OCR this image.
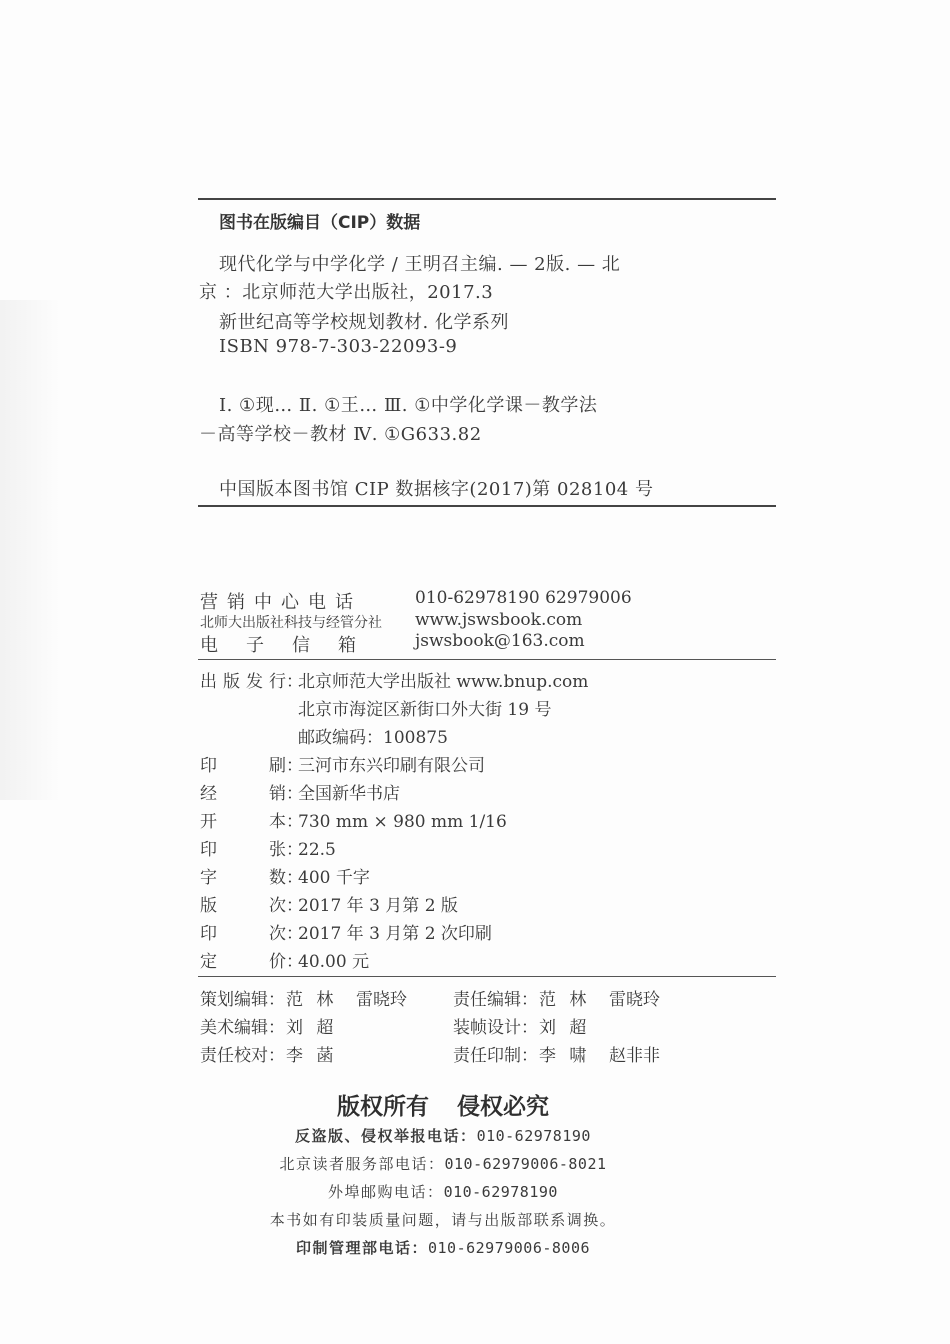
图书在版编目（CIP）数据
现代化学与中学化学 / 王明召主编. — 2版. — 北
京 ：北京师范大学出版社，2017.3
新世纪高等学校规划教材. 化学系列
ISBN 978-7-303-22093-9
Ⅰ. ①现… Ⅱ. ①王… Ⅲ. ①中学化学课－教学法
－高等学校－教材 Ⅳ. ①G633.82
中国版本图书馆 CIP 数据核字(2017)第 028104 号
营销中心电话	010-62978190 62979006
北师大出版社科技与经管分社 www.jswsbook.com
电子信箱 jswsbook@163.com
出版发行：北京师范大学出版社 www.bnup.com
北京市海淀区新街口外大街 19 号
邮政编码：100875
印刷：三河市东兴印刷有限公司
经销：全国新华书店
开本：730 mm × 980 mm 1/16
印张：22.5
字数：400 千字
版次：2017 年 3 月第 2 版
印次：2017 年 3 月第 2 次印刷
定价：40.00 元
策划编辑：范 林 雷晓玲	责任编辑：范 林 雷晓玲
美术编辑：刘 超	装帧设计：刘 超
责任校对：李 菡	责任印制：李 啸 赵非非
版权所有 侵权必究
反盗版、侵权举报电话：010-62978190
北京读者服务部电话：010-62979006-8021
外埠邮购电话：010-62978190
本书如有印装质量问题，请与出版部联系调换。
印制管理部电话：010-62979006-8006
